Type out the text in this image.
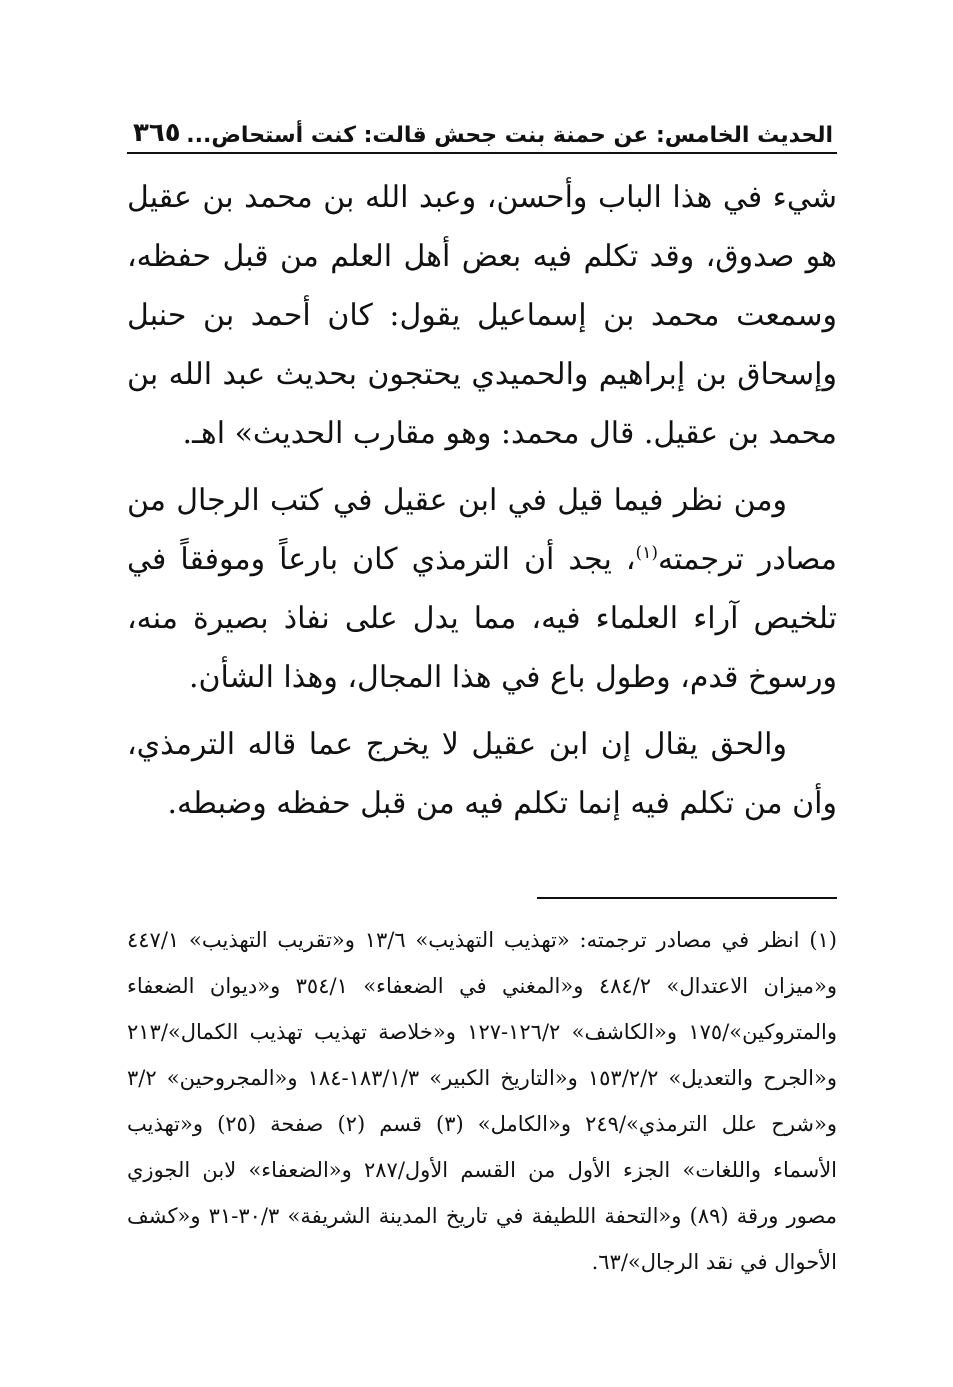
الحديث الخامس: عن حمنة بنت جحش قالت: كنت أستحاض...
٣٦٥

شيء في هذا الباب وأحسن، وعبد الله بن محمد بن عقيل هو صدوق، وقد تكلم فيه بعض أهل العلم من قبل حفظه، وسمعت محمد بن إسماعيل يقول: كان أحمد بن حنبل وإسحاق بن إبراهيم والحميدي يحتجون بحديث عبد الله بن محمد بن عقيل. قال محمد: وهو مقارب الحديث» اهـ.

ومن نظر فيما قيل في ابن عقيل في كتب الرجال من مصادر ترجمته$^{(١)}$، يجد أن الترمذي كان بارعاً وموفقاً في تلخيص آراء العلماء فيه، مما يدل على نفاذ بصيرة منه، ورسوخ قدم، وطول باع في هذا المجال، وهذا الشأن.

والحق يقال إن ابن عقيل لا يخرج عما قاله الترمذي، وأن من تكلم فيه إنما تكلم فيه من قبل حفظه وضبطه.

(١) انظر في مصادر ترجمته: «تهذيب التهذيب» ١٣/٦ و«تقريب التهذيب» ٤٤٧/١ و«ميزان الاعتدال» ٤٨٤/٢ و«المغني في الضعفاء» ٣٥٤/١ و«ديوان الضعفاء والمتروكين»/١٧٥ و«الكاشف» ١٢٦/٢-١٢٧ و«خلاصة تهذيب تهذيب الكمال»/٢١٣ و«الجرح والتعديل» ١٥٣/٢/٢ و«التاريخ الكبير» ١٨٣/١/٣-١٨٤ و«المجروحين» ٣/٢ و«شرح علل الترمذي»/٢٤٩ و«الكامل» (٣) قسم (٢) صفحة (٢٥) و«تهذيب الأسماء واللغات» الجزء الأول من القسم الأول/٢٨٧ و«الضعفاء» لابن الجوزي مصور ورقة (٨٩) و«التحفة اللطيفة في تاريخ المدينة الشريفة» ٣٠/٣-٣١ و«كشف الأحوال في نقد الرجال»/٦٣.
